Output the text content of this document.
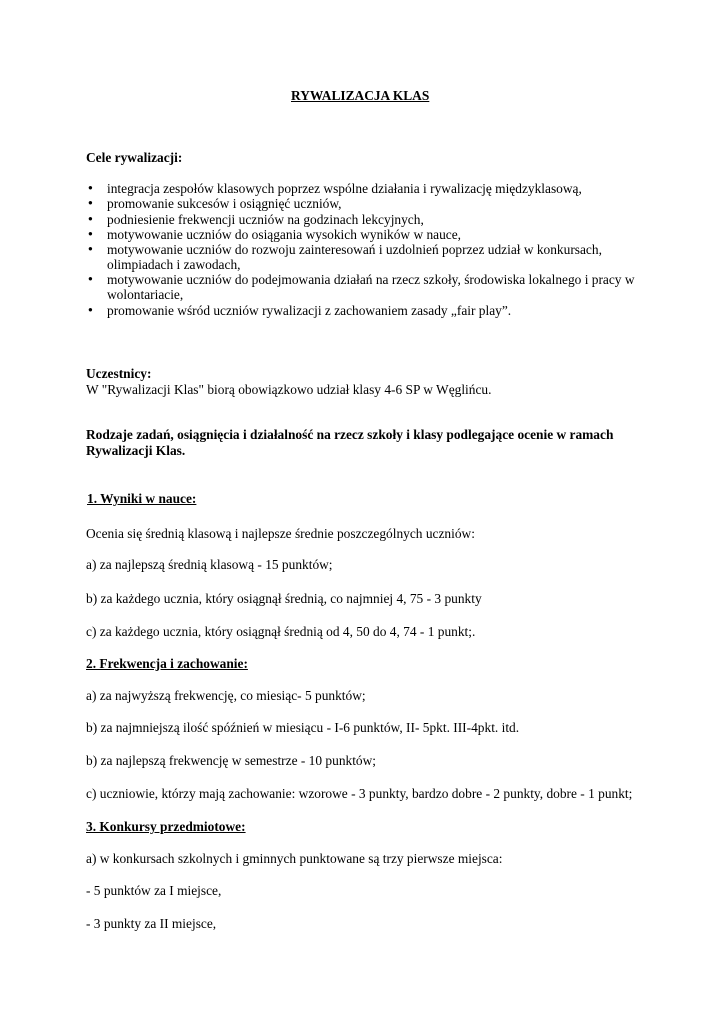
RYWALIZACJA KLAS

Cele rywalizacji:

● integracja zespołów klasowych poprzez wspólne działania i rywalizację międzyklasową,

● promowanie sukcesów i osiągnięć uczniów,

● podniesienie frekwencji uczniów na godzinach lekcyjnych,

● motywowanie uczniów do osiągania wysokich wyników w nauce,

● motywowanie uczniów do rozwoju zainteresowań i uzdolnień poprzez udział w konkursach,

olimpiadach i zawodach,

● motywowanie uczniów do podejmowania działań na rzecz szkoły, środowiska lokalnego i pracy w

wolontariacie,

● promowanie wśród uczniów rywalizacji z zachowaniem zasady „fair play”.

Uczestnicy:

W "Rywalizacji Klas" biorą obowiązkowo udział klasy 4-6 SP w Węglińcu.

Rodzaje zadań, osiągnięcia i działalność na rzecz szkoły i klasy podlegające ocenie w ramach

Rywalizacji Klas.

1. Wyniki w nauce:

Ocenia się średnią klasową i najlepsze średnie poszczególnych uczniów:

a) za najlepszą średnią klasową - 15 punktów;

b) za każdego ucznia, który osiągnął średnią, co najmniej 4, 75 - 3 punkty

c) za każdego ucznia, który osiągnął średnią od 4, 50 do 4, 74 - 1 punkt;.

2. Frekwencja i zachowanie:

a) za najwyższą frekwencję, co miesiąc- 5 punktów;

b) za najmniejszą ilość spóźnień w miesiącu - I-6 punktów, II- 5pkt. III-4pkt. itd.

b) za najlepszą frekwencję w semestrze - 10 punktów;

c) uczniowie, którzy mają zachowanie: wzorowe - 3 punkty, bardzo dobre - 2 punkty, dobre - 1 punkt;

3. Konkursy przedmiotowe:

a) w konkursach szkolnych i gminnych punktowane są trzy pierwsze miejsca:

- 5 punktów za I miejsce,

- 3 punkty za II miejsce,
